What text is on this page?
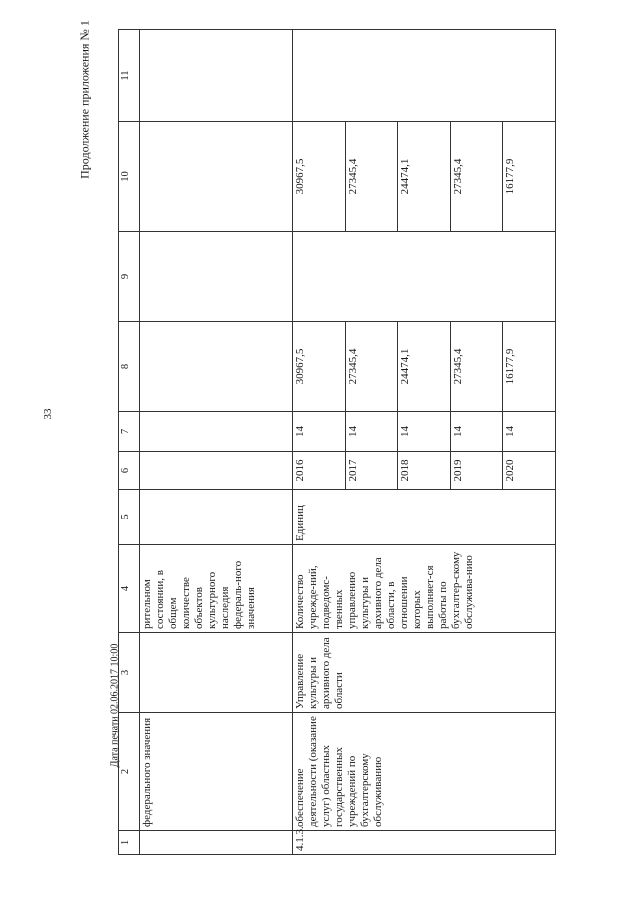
33
Продолжение приложения № 1
Дата печати 02.06.2017 10:00
1	2	3	4	5	6	7	8	9	10	11
	федерального значения		рительном состоянии, в общем количестве объектов культурного наследия федераль-ного значения							
4.1.3.	обеспечение деятельности (оказание услуг) областных государственных учреждений по бухгалтерскому обслуживанию	Управление культуры и архивного дела области	Количество учрежде-ний, подведомс-твенных управлению культуры и архивного дела области, в отношении которых выполняет-ся работы по бухгалтер-скому обслужива-нию	Единиц	2016	14	30967,5		30967,5	
					2017	14	27345,4		27345,4	
					2018	14	24474,1		24474,1	
					2019	14	27345,4		27345,4	
					2020	14	16177,9		16177,9	
